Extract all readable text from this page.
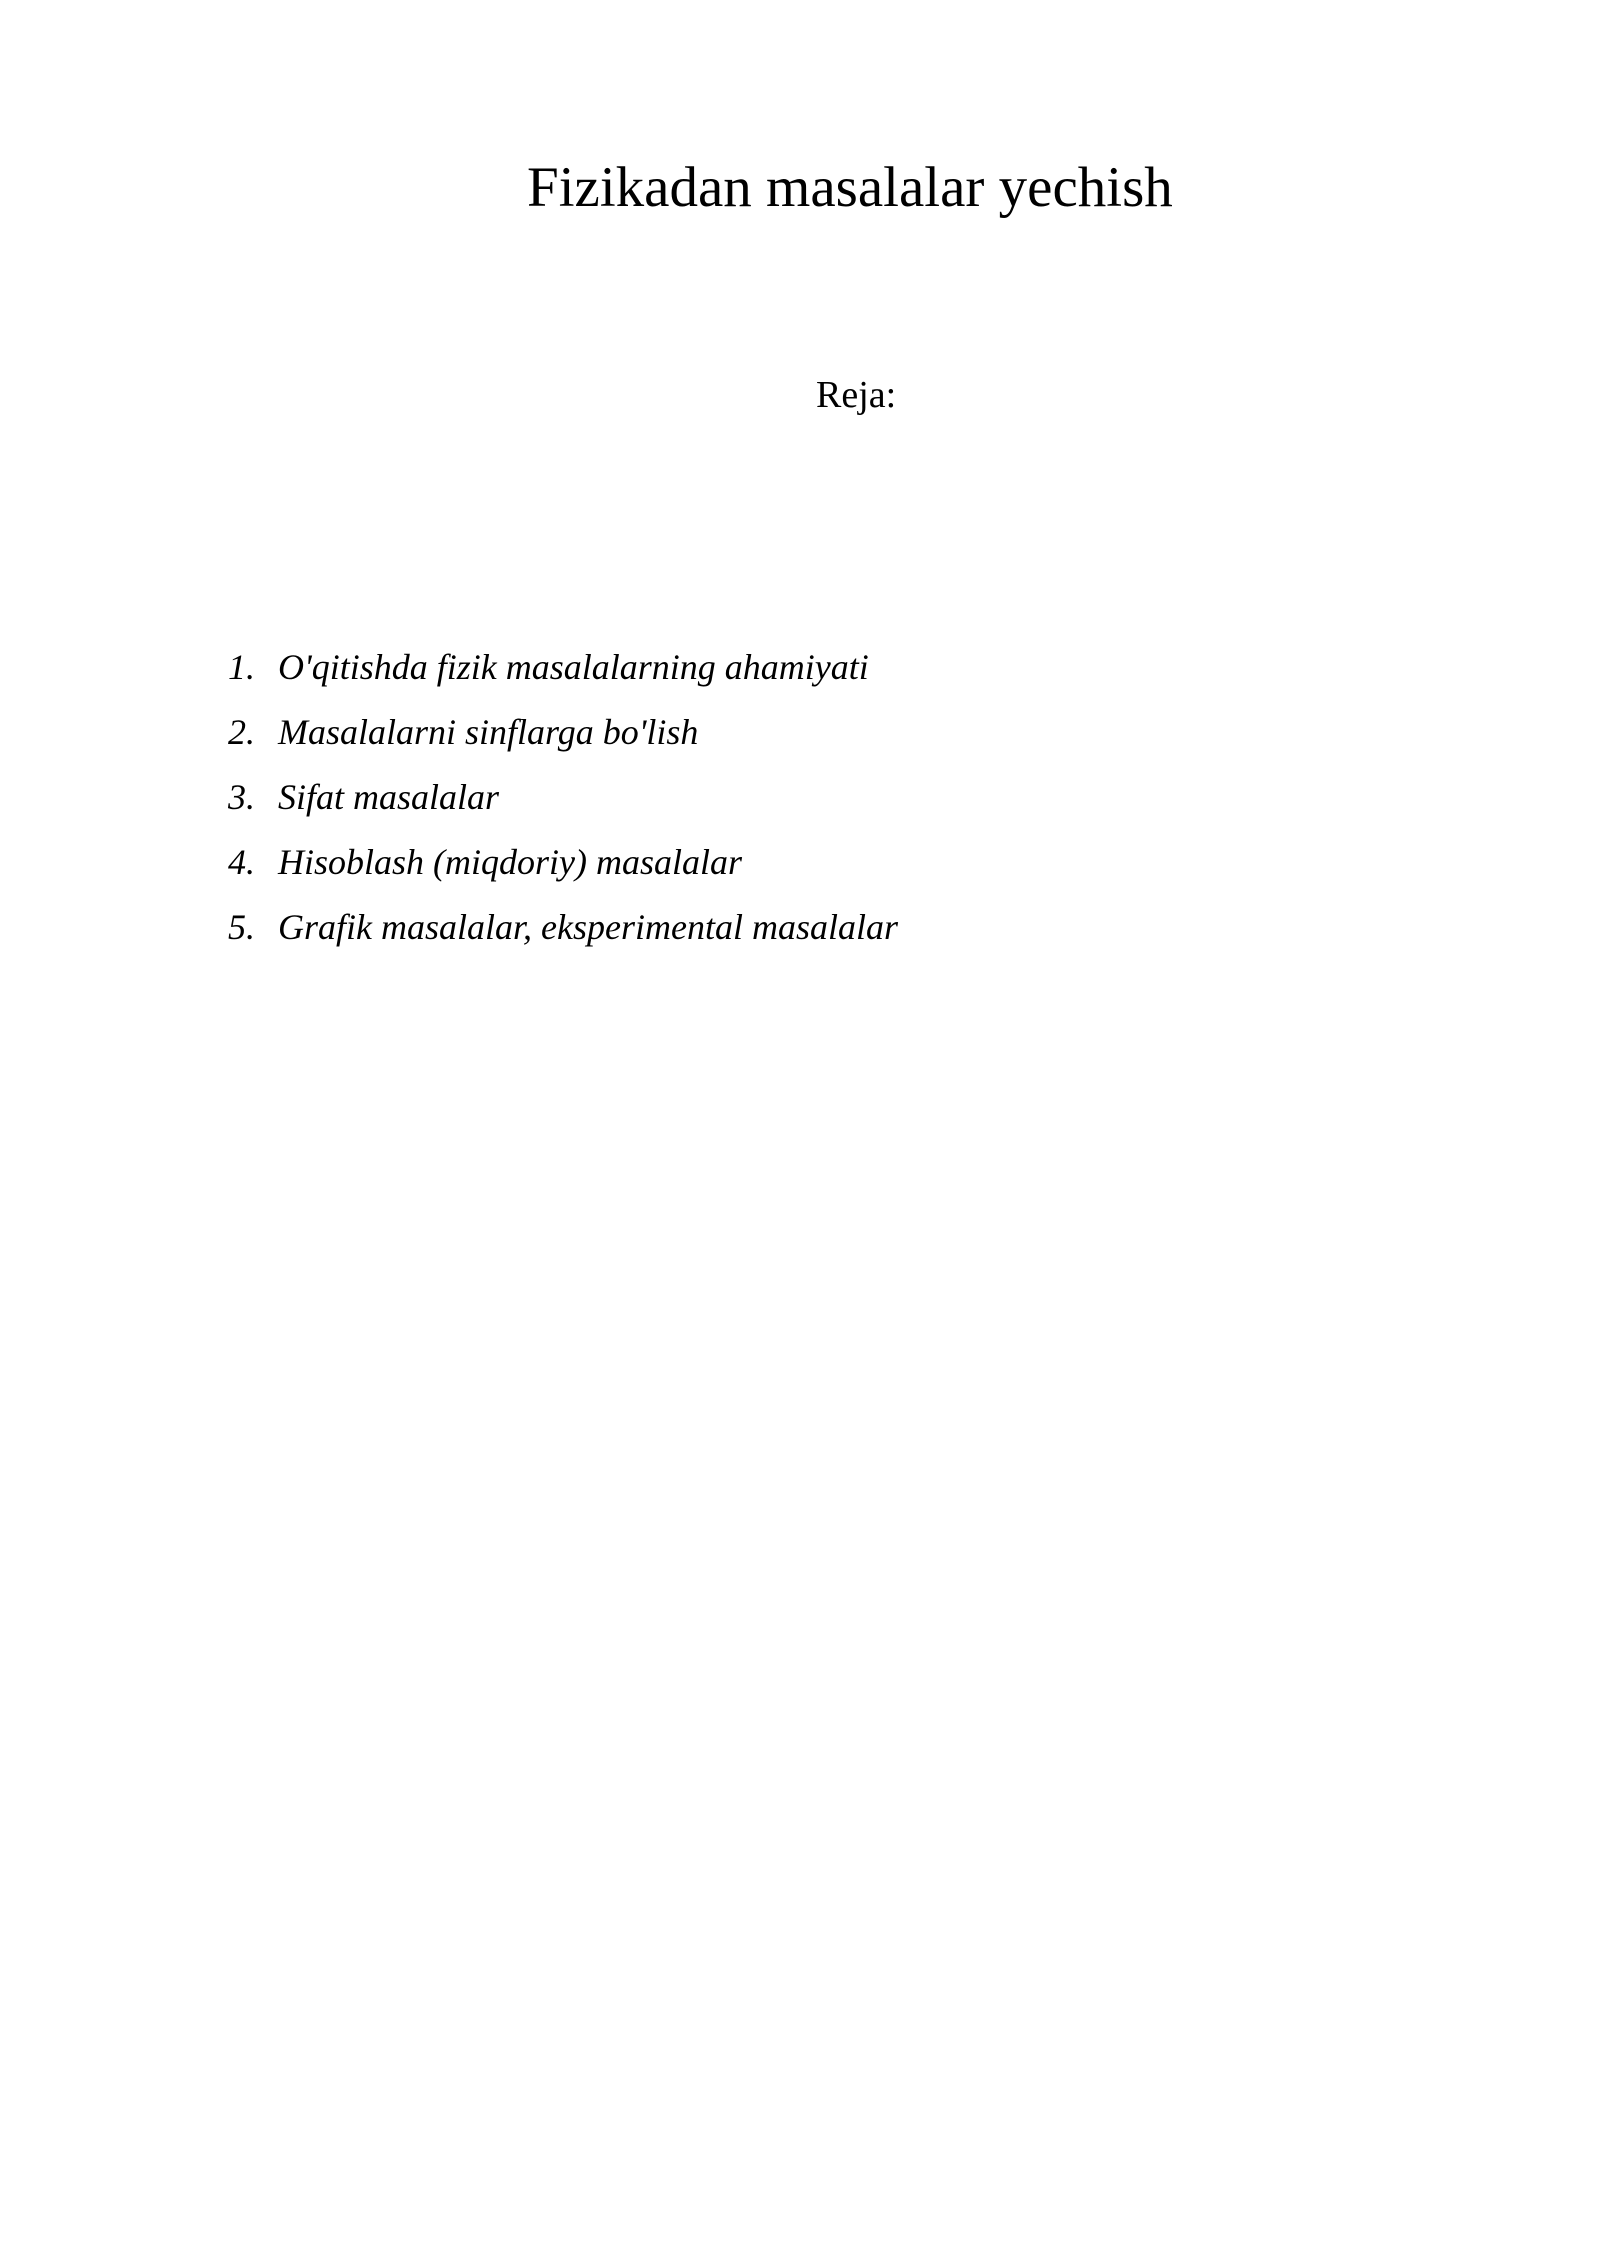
Fizikadan masalalar yechish
Reja:
1. O'qitishda fizik masalalarning ahamiyati
2. Masalalarni sinflarga bo'lish
3. Sifat masalalar
4. Hisoblash (miqdoriy) masalalar
5. Grafik masalalar, eksperimental masalalar
